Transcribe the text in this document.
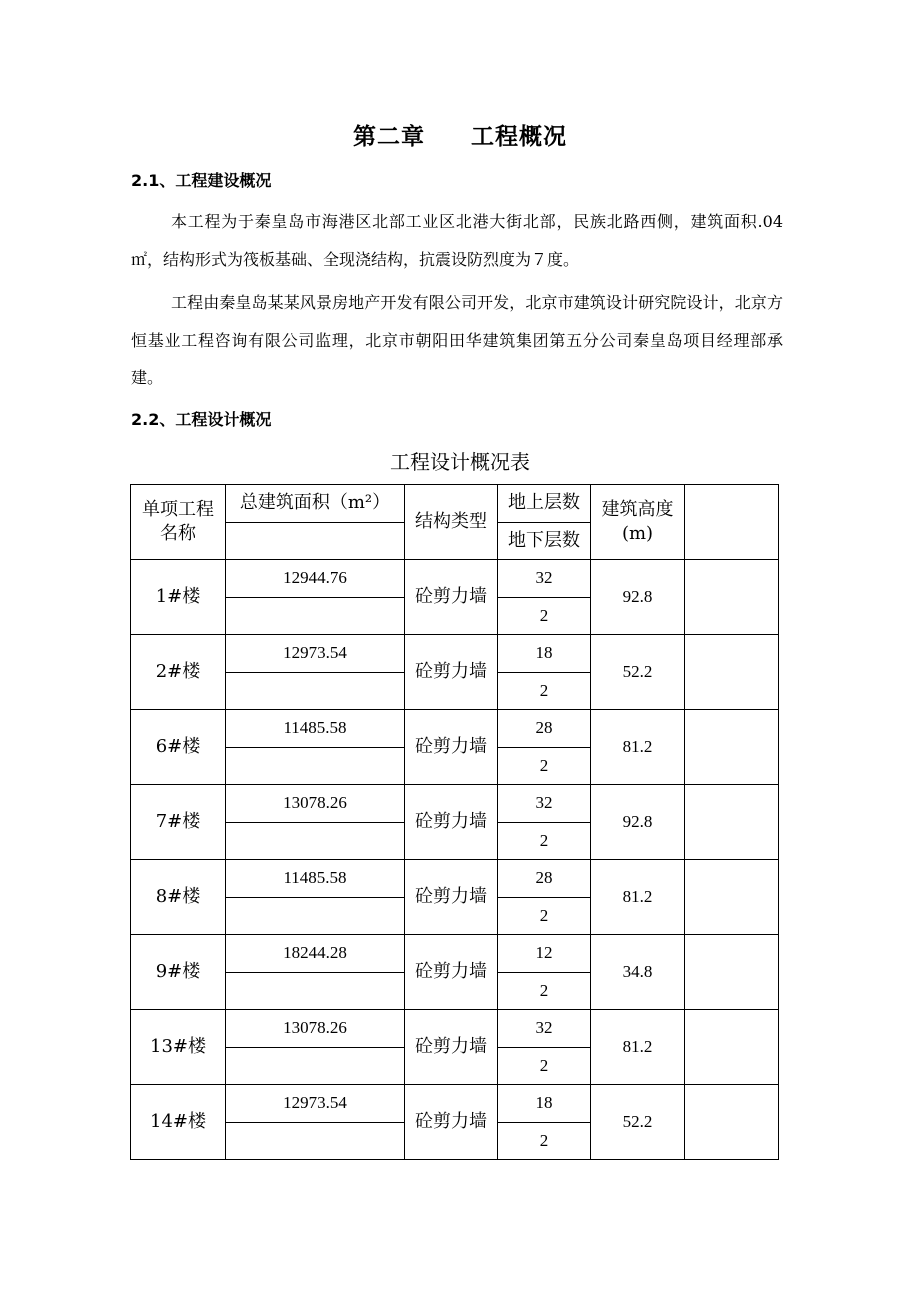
第二章 工程概况
2.1、工程建设概况
本工程为于秦皇岛市海港区北部工业区北港大街北部，民族北路西侧，建筑面积.04 ㎡，结构形式为筏板基础、全现浇结构，抗震设防烈度为７度。
工程由秦皇岛某某风景房地产开发有限公司开发，北京市建筑设计研究院设计，北京方恒基业工程咨询有限公司监理，北京市朝阳田华建筑集团第五分公司秦皇岛项目经理部承建。
2.2、工程设计概况
工程设计概况表
单项工程名称	总建筑面积（m²）	结构类型	地上层数	建筑高度(m)	
			地下层数		
1#楼	12944.76	砼剪力墙	32	92.8	
			2		
2#楼	12973.54	砼剪力墙	18	52.2	
			2		
6#楼	11485.58	砼剪力墙	28	81.2	
			2		
7#楼	13078.26	砼剪力墙	32	92.8	
			2		
8#楼	11485.58	砼剪力墙	28	81.2	
			2		
9#楼	18244.28	砼剪力墙	12	34.8	
			2		
13#楼	13078.26	砼剪力墙	32	81.2	
			2		
14#楼	12973.54	砼剪力墙	18	52.2	
			2		
